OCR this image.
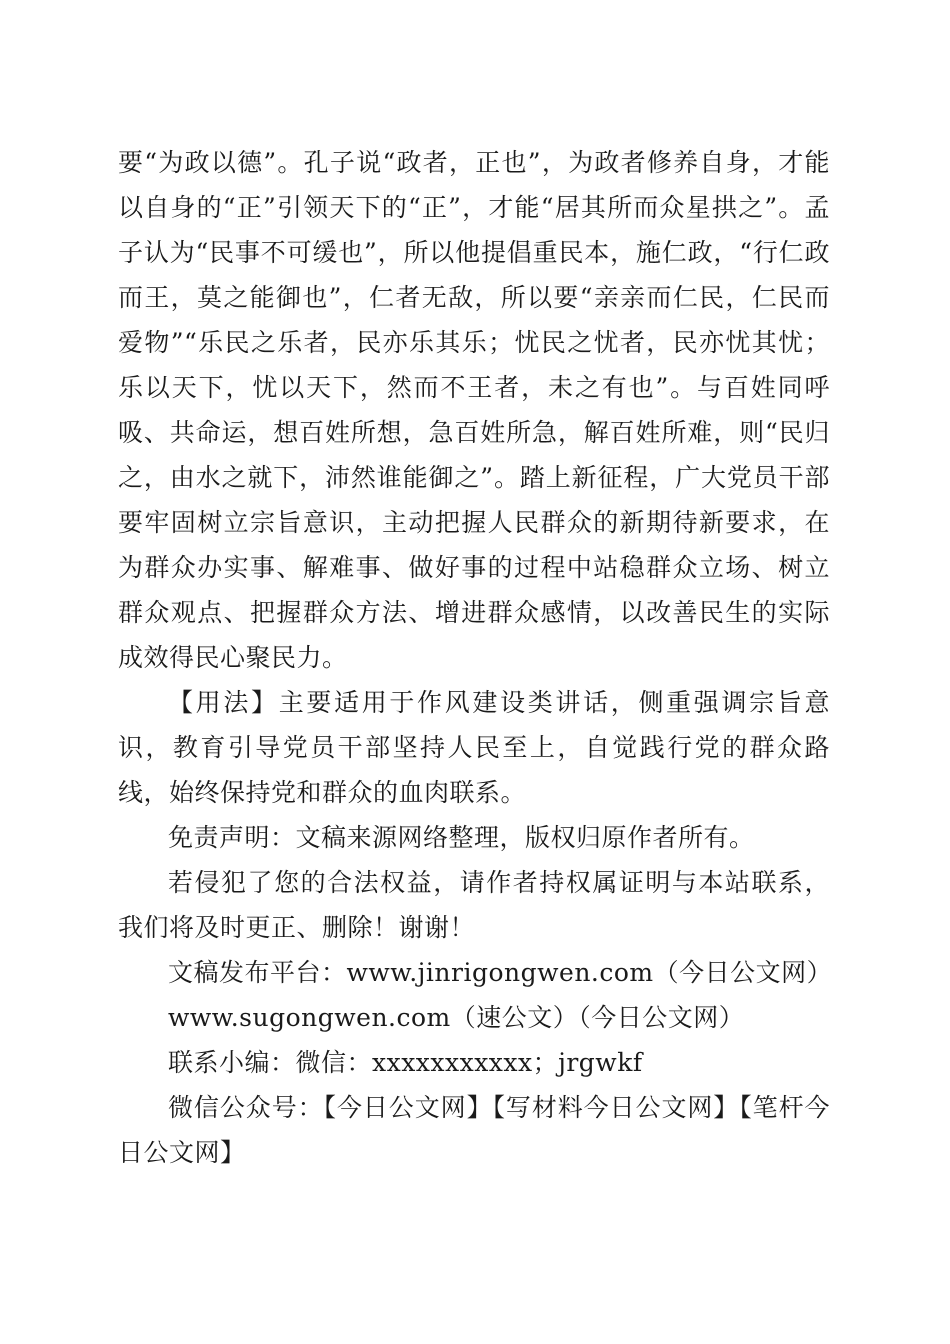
要“为政以德”。孔子说“政者，正也”，为政者修养自身，才能以自身的“正”引领天下的“正”，才能“居其所而众星拱之”。孟子认为“民事不可缓也”，所以他提倡重民本，施仁政，“行仁政而王，莫之能御也”，仁者无敌，所以要“亲亲而仁民，仁民而爱物”“乐民之乐者，民亦乐其乐；忧民之忧者，民亦忧其忧；乐以天下，忧以天下，然而不王者，未之有也”。与百姓同呼吸、共命运，想百姓所想，急百姓所急，解百姓所难，则“民归之，由水之就下，沛然谁能御之”。踏上新征程，广大党员干部要牢固树立宗旨意识，主动把握人民群众的新期待新要求，在为群众办实事、解难事、做好事的过程中站稳群众立场、树立群众观点、把握群众方法、增进群众感情，以改善民生的实际成效得民心聚民力。

【用法】主要适用于作风建设类讲话，侧重强调宗旨意识，教育引导党员干部坚持人民至上，自觉践行党的群众路线，始终保持党和群众的血肉联系。

免责声明：文稿来源网络整理，版权归原作者所有。

若侵犯了您的合法权益，请作者持权属证明与本站联系，我们将及时更正、删除！谢谢！

文稿发布平台：www.jinrigongwen.com（今日公文网）

www.sugongwen.com（速公文）（今日公文网）

联系小编：微信：xxxxxxxxxxx；jrgwkf

微信公众号：【今日公文网】【写材料今日公文网】【笔杆今日公文网】
